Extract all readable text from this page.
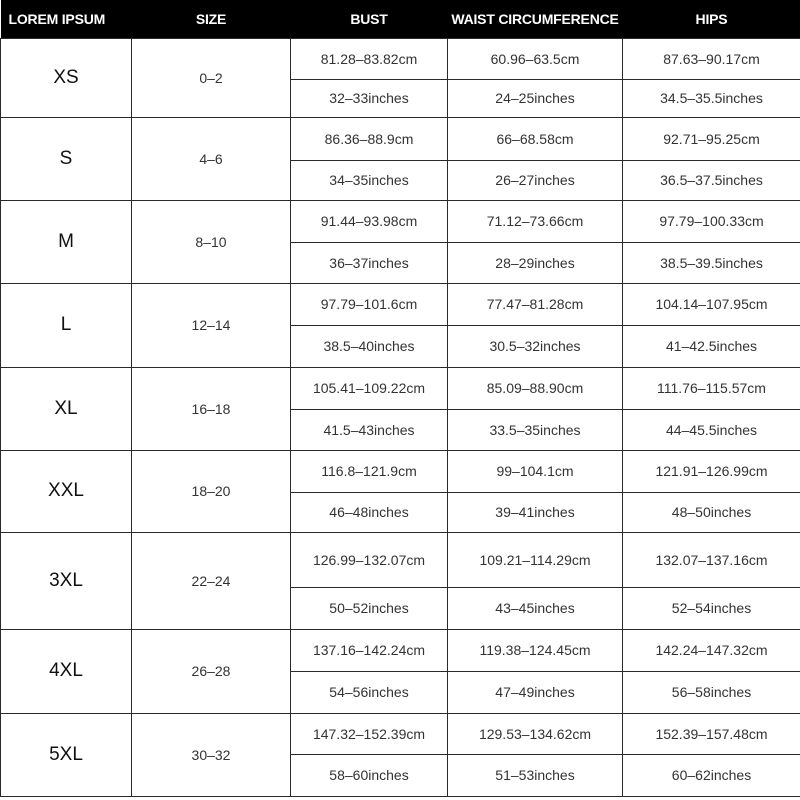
LOREM IPSUM	SIZE	BUST	WAIST CIRCUMFERENCE	HIPS
XS	0–2	81.28–83.82cm	60.96–63.5cm	87.63–90.17cm
		32–33inches	24–25inches	34.5–35.5inches
S	4–6	86.36–88.9cm	66–68.58cm	92.71–95.25cm
		34–35inches	26–27inches	36.5–37.5inches
M	8–10	91.44–93.98cm	71.12–73.66cm	97.79–100.33cm
		36–37inches	28–29inches	38.5–39.5inches
L	12–14	97.79–101.6cm	77.47–81.28cm	104.14–107.95cm
		38.5–40inches	30.5–32inches	41–42.5inches
XL	16–18	105.41–109.22cm	85.09–88.90cm	111.76–115.57cm
		41.5–43inches	33.5–35inches	44–45.5inches
XXL	18–20	116.8–121.9cm	99–104.1cm	121.91–126.99cm
		46–48inches	39–41inches	48–50inches
3XL	22–24	126.99–132.07cm	109.21–114.29cm	132.07–137.16cm
		50–52inches	43–45inches	52–54inches
4XL	26–28	137.16–142.24cm	119.38–124.45cm	142.24–147.32cm
		54–56inches	47–49inches	56–58inches
5XL	30–32	147.32–152.39cm	129.53–134.62cm	152.39–157.48cm
		58–60inches	51–53inches	60–62inches
